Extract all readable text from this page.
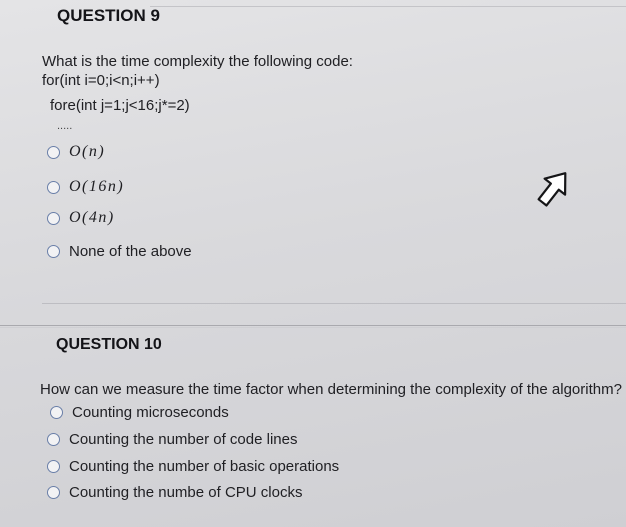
QUESTION 9

What is the time complexity the following code:

for(int i=0;i<n;i++)
fore(int j=1;j<16;j*=2)
.....
O(n)
O(16n)
O(4n)
None of the above
QUESTION 10

How can we measure the time factor when determining the complexity of the algorithm?

Counting microseconds
Counting the number of code lines
Counting the number of basic operations
Counting the numbe of CPU clocks
